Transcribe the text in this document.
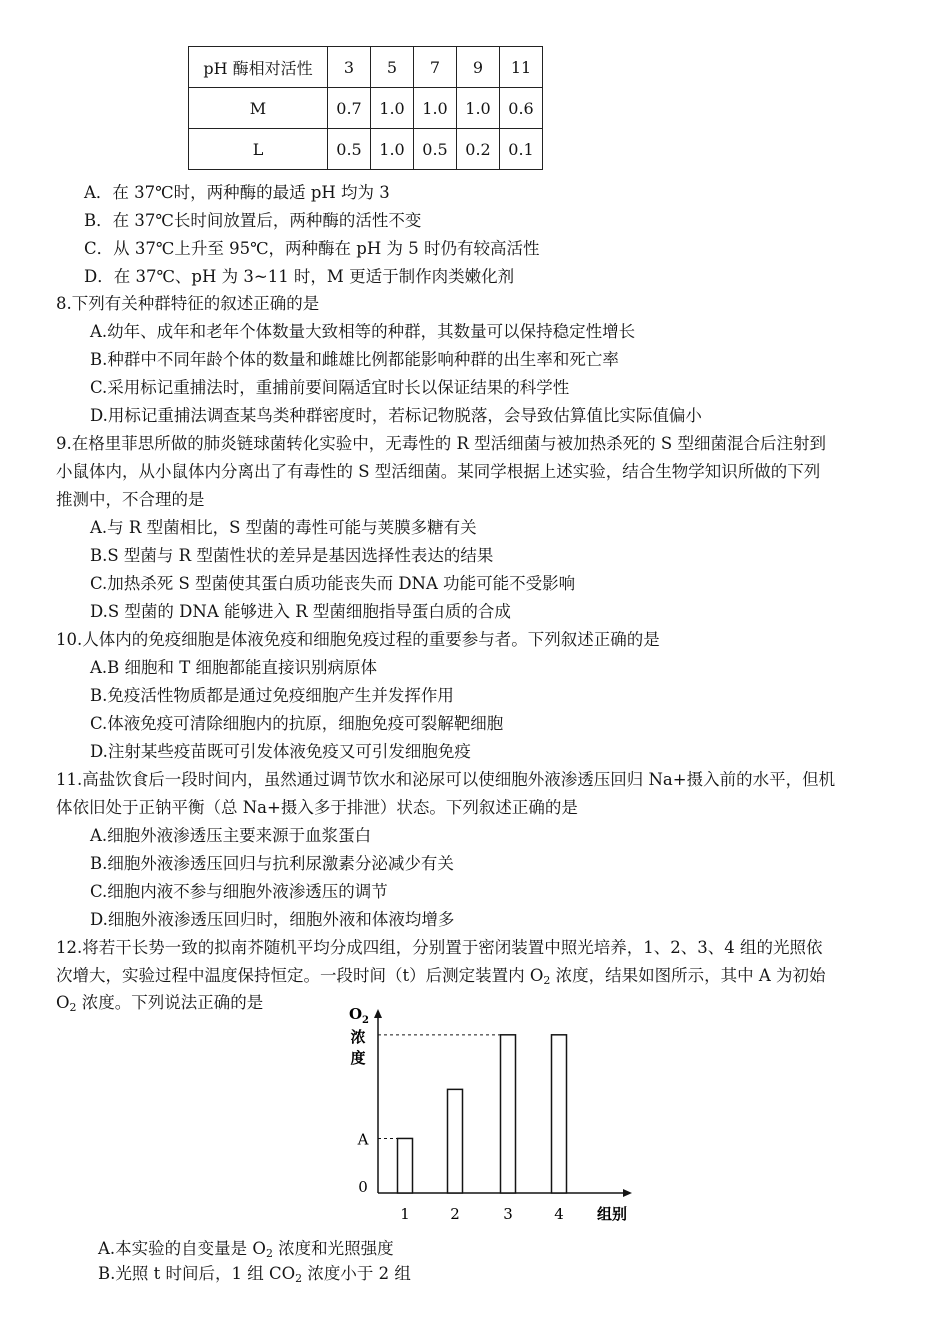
pH 酶相对活性	3	5	7	9	11
M	0.7	1.0	1.0	1.0	0.6
L	0.5	1.0	0.5	0.2	0.1
A．在 37℃时，两种酶的最适 pH 均为 3
B．在 37℃长时间放置后，两种酶的活性不变
C．从 37℃上升至 95℃，两种酶在 pH 为 5 时仍有较高活性
D．在 37℃、pH 为 3~11 时，M 更适于制作肉类嫩化剂
8.下列有关种群特征的叙述正确的是
A.幼年、成年和老年个体数量大致相等的种群，其数量可以保持稳定性增长
B.种群中不同年龄个体的数量和雌雄比例都能影响种群的出生率和死亡率
C.采用标记重捕法时，重捕前要间隔适宜时长以保证结果的科学性
D.用标记重捕法调查某鸟类种群密度时，若标记物脱落，会导致估算值比实际值偏小
9.在格里菲思所做的肺炎链球菌转化实验中，无毒性的 R 型活细菌与被加热杀死的 S 型细菌混合后注射到
小鼠体内，从小鼠体内分离出了有毒性的 S 型活细菌。某同学根据上述实验，结合生物学知识所做的下列
推测中，不合理的是
A.与 R 型菌相比，S 型菌的毒性可能与荚膜多糖有关
B.S 型菌与 R 型菌性状的差异是基因选择性表达的结果
C.加热杀死 S 型菌使其蛋白质功能丧失而 DNA 功能可能不受影响
D.S 型菌的 DNA 能够进入 R 型菌细胞指导蛋白质的合成
10.人体内的免疫细胞是体液免疫和细胞免疫过程的重要参与者。下列叙述正确的是
A.B 细胞和 T 细胞都能直接识别病原体
B.免疫活性物质都是通过免疫细胞产生并发挥作用
C.体液免疫可清除细胞内的抗原，细胞免疫可裂解靶细胞
D.注射某些疫苗既可引发体液免疫又可引发细胞免疫
11.高盐饮食后一段时间内，虽然通过调节饮水和泌尿可以使细胞外液渗透压回归 Na+摄入前的水平，但机
体依旧处于正钠平衡（总 Na+摄入多于排泄）状态。下列叙述正确的是
A.细胞外液渗透压主要来源于血浆蛋白
B.细胞外液渗透压回归与抗利尿激素分泌减少有关
C.细胞内液不参与细胞外液渗透压的调节
D.细胞外液渗透压回归时，细胞外液和体液均增多
12.将若干长势一致的拟南芥随机平均分成四组，分别置于密闭装置中照光培养，1、2、3、4 组的光照依
次增大，实验过程中温度保持恒定。一段时间（t）后测定装置内 $O_2$ 浓度，结果如图所示，其中 A 为初始
$O_2$ 浓度。下列说法正确的是
$O_2$
浓
度
0
A
组别
1	2	3	4
A.本实验的自变量是 $O_2$ 浓度和光照强度
B.光照 t 时间后，1 组 $CO_2$ 浓度小于 2 组
